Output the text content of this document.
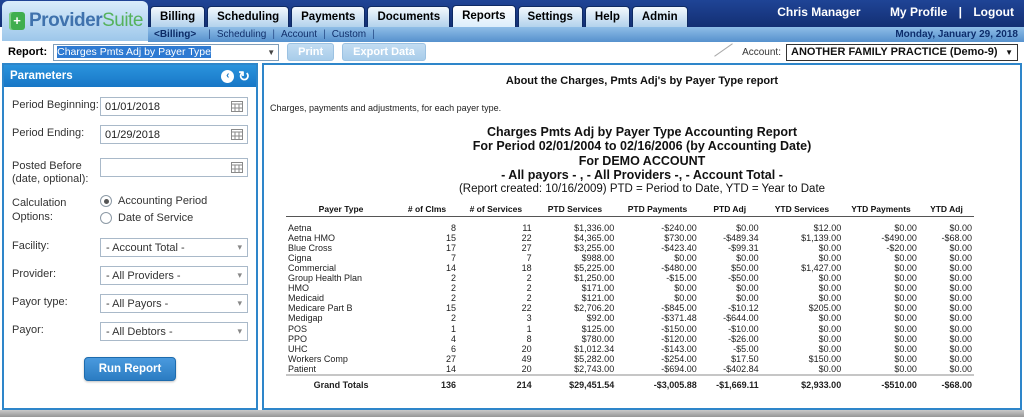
Chris Manager My Profile | Logout
+
Provider Suite	Billing	Scheduling	Payments	Documents	Reports	Settings	Help	Admin
<Billing> | Scheduling | Account | Custom |	Monday, January 29, 2018
Report: Charges Pmts Adj by Payer Type	▼	Print	Export Data	Account: ANOTHER FAMILY PRACTICE (Demo-9) ▼
Parameters	‹ ↻
Period Beginning: 01/01/2018
Period Ending:	01/29/2018
Posted Before (date, optional):
Calculation Options:
Accounting Period
Date of Service
Facility:	- Account Total -	▾
Provider:	- All Providers -	▾
Payor type:	- All Payors -	▾
Payor:	- All Debtors -	▾
Run Report
About the Charges, Pmts Adj's by Payer Type report
Charges, payments and adjustments, for each payer type.
Charges Pmts Adj by Payer Type Accounting Report
For Period 02/01/2004 to 02/16/2006 (by Accounting Date)
For DEMO ACCOUNT
- All payors - , - All Providers -, - Account Total -
(Report created: 10/16/2009) PTD = Period to Date, YTD = Year to Date
Payer Type	# of Clms	# of Services	PTD Services	PTD Payments	PTD Adj	YTD Services	YTD Payments	YTD Adj
Aetna	8	11	$1,336.00	-$240.00	$0.00	$12.00	$0.00	$0.00
Aetna HMO	15	22	$4,365.00	$730.00	-$489.34	$1,139.00	-$490.00	-$68.00
Blue Cross	17	27	$3,255.00	-$423.40	-$99.31	$0.00	-$20.00	$0.00
Cigna	7	7	$988.00	$0.00	$0.00	$0.00	$0.00	$0.00
Commercial	14	18	$5,225.00	-$480.00	$50.00	$1,427.00	$0.00	$0.00
Group Health Plan	2	2	$1,250.00	-$15.00	-$50.00	$0.00	$0.00	$0.00
HMO	2	2	$171.00	$0.00	$0.00	$0.00	$0.00	$0.00
Medicaid	2	2	$121.00	$0.00	$0.00	$0.00	$0.00	$0.00
Medicare Part B	15	22	$2,706.20	-$845.00	-$10.12	$205.00	$0.00	$0.00
Medigap	2	3	$92.00	-$371.48	-$644.00	$0.00	$0.00	$0.00
POS	1	1	$125.00	-$150.00	-$10.00	$0.00	$0.00	$0.00
PPO	4	8	$780.00	-$120.00	-$26.00	$0.00	$0.00	$0.00
UHC	6	20	$1,012.34	-$143.00	-$5.00	$0.00	$0.00	$0.00
Workers Comp	27	49	$5,282.00	-$254.00	$17.50	$150.00	$0.00	$0.00
Patient	14	20	$2,743.00	-$694.00	-$402.84	$0.00	$0.00	$0.00
Grand Totals	136	214	$29,451.54	-$3,005.88	-$1,669.11	$2,933.00	-$510.00	-$68.00
